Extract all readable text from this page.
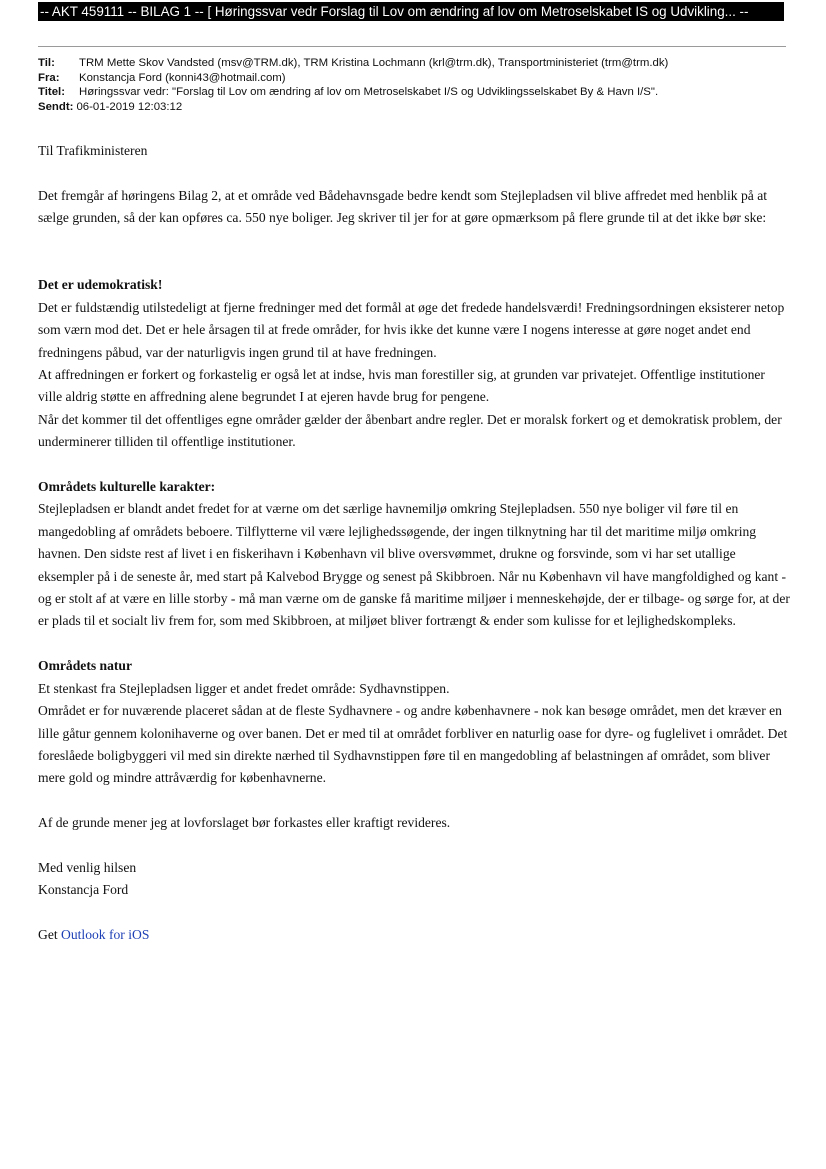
-- AKT 459111 -- BILAG 1 -- [ Høringssvar vedr Forslag til Lov om ændring af lov om Metroselskabet IS og Udvikling... --
Til: TRM Mette Skov Vandsted (msv@TRM.dk), TRM Kristina Lochmann (krl@trm.dk), Transportministeriet (trm@trm.dk)
Fra: Konstancja Ford (konni43@hotmail.com)
Titel: Høringssvar vedr: "Forslag til Lov om ændring af lov om Metroselskabet I/S og Udviklingsselskabet By & Havn I/S".
Sendt: 06-01-2019 12:03:12

Til Trafikministeren

Det fremgår af høringens Bilag 2, at et område ved Bådehavnsgade bedre kendt som Stejlepladsen vil blive affredet med henblik på at sælge grunden, så der kan opføres ca. 550 nye boliger. Jeg skriver til jer for at gøre opmærksom på flere grunde til at det ikke bør ske:

Det er udemokratisk!

Det er fuldstændig utilstedeligt at fjerne fredninger med det formål at øge det fredede handelsværdi! Fredningsordningen eksisterer netop som værn mod det. Det er hele årsagen til at frede områder, for hvis ikke det kunne være I nogens interesse at gøre noget andet end fredningens påbud, var der naturligvis ingen grund til at have fredningen.

At affredningen er forkert og forkastelig er også let at indse, hvis man forestiller sig, at grunden var privatejet. Offentlige institutioner ville aldrig støtte en affredning alene begrundet I at ejeren havde brug for pengene.

Når det kommer til det offentliges egne områder gælder der åbenbart andre regler. Det er moralsk forkert og et demokratisk problem, der underminerer tilliden til offentlige institutioner.

Områdets kulturelle karakter:

Stejlepladsen er blandt andet fredet for at værne om det særlige havnemiljø omkring Stejlepladsen. 550 nye boliger vil føre til en mangedobling af områdets beboere. Tilflytterne vil være lejlighedssøgende, der ingen tilknytning har til det maritime miljø omkring havnen. Den sidste rest af livet i en fiskerihavn i København vil blive oversvømmet, drukne og forsvinde, som vi har set utallige eksempler på i de seneste år, med start på Kalvebod Brygge og senest på Skibbroen. Når nu København vil have mangfoldighed og kant - og er stolt af at være en lille storby - må man værne om de ganske få maritime miljøer i menneskehøjde, der er tilbage- og sørge for, at der er plads til et socialt liv frem for, som med Skibbroen, at miljøet bliver fortrængt & ender som kulisse for et lejlighedskompleks.

Områdets natur

Et stenkast fra Stejlepladsen ligger et andet fredet område: Sydhavnstippen.

Området er for nuværende placeret sådan at de fleste Sydhavnere - og andre københavnere - nok kan besøge området, men det kræver en lille gåtur gennem kolonihaverne og over banen. Det er med til at området forbliver en naturlig oase for dyre- og fuglelivet i området. Det foreslåede boligbyggeri vil med sin direkte nærhed til Sydhavnstippen føre til en mangedobling af belastningen af området, som bliver mere gold og mindre attråværdig for københavnerne.

Af de grunde mener jeg at lovforslaget bør forkastes eller kraftigt revideres.

Med venlig hilsen

Konstancja Ford

Get Outlook for iOS
